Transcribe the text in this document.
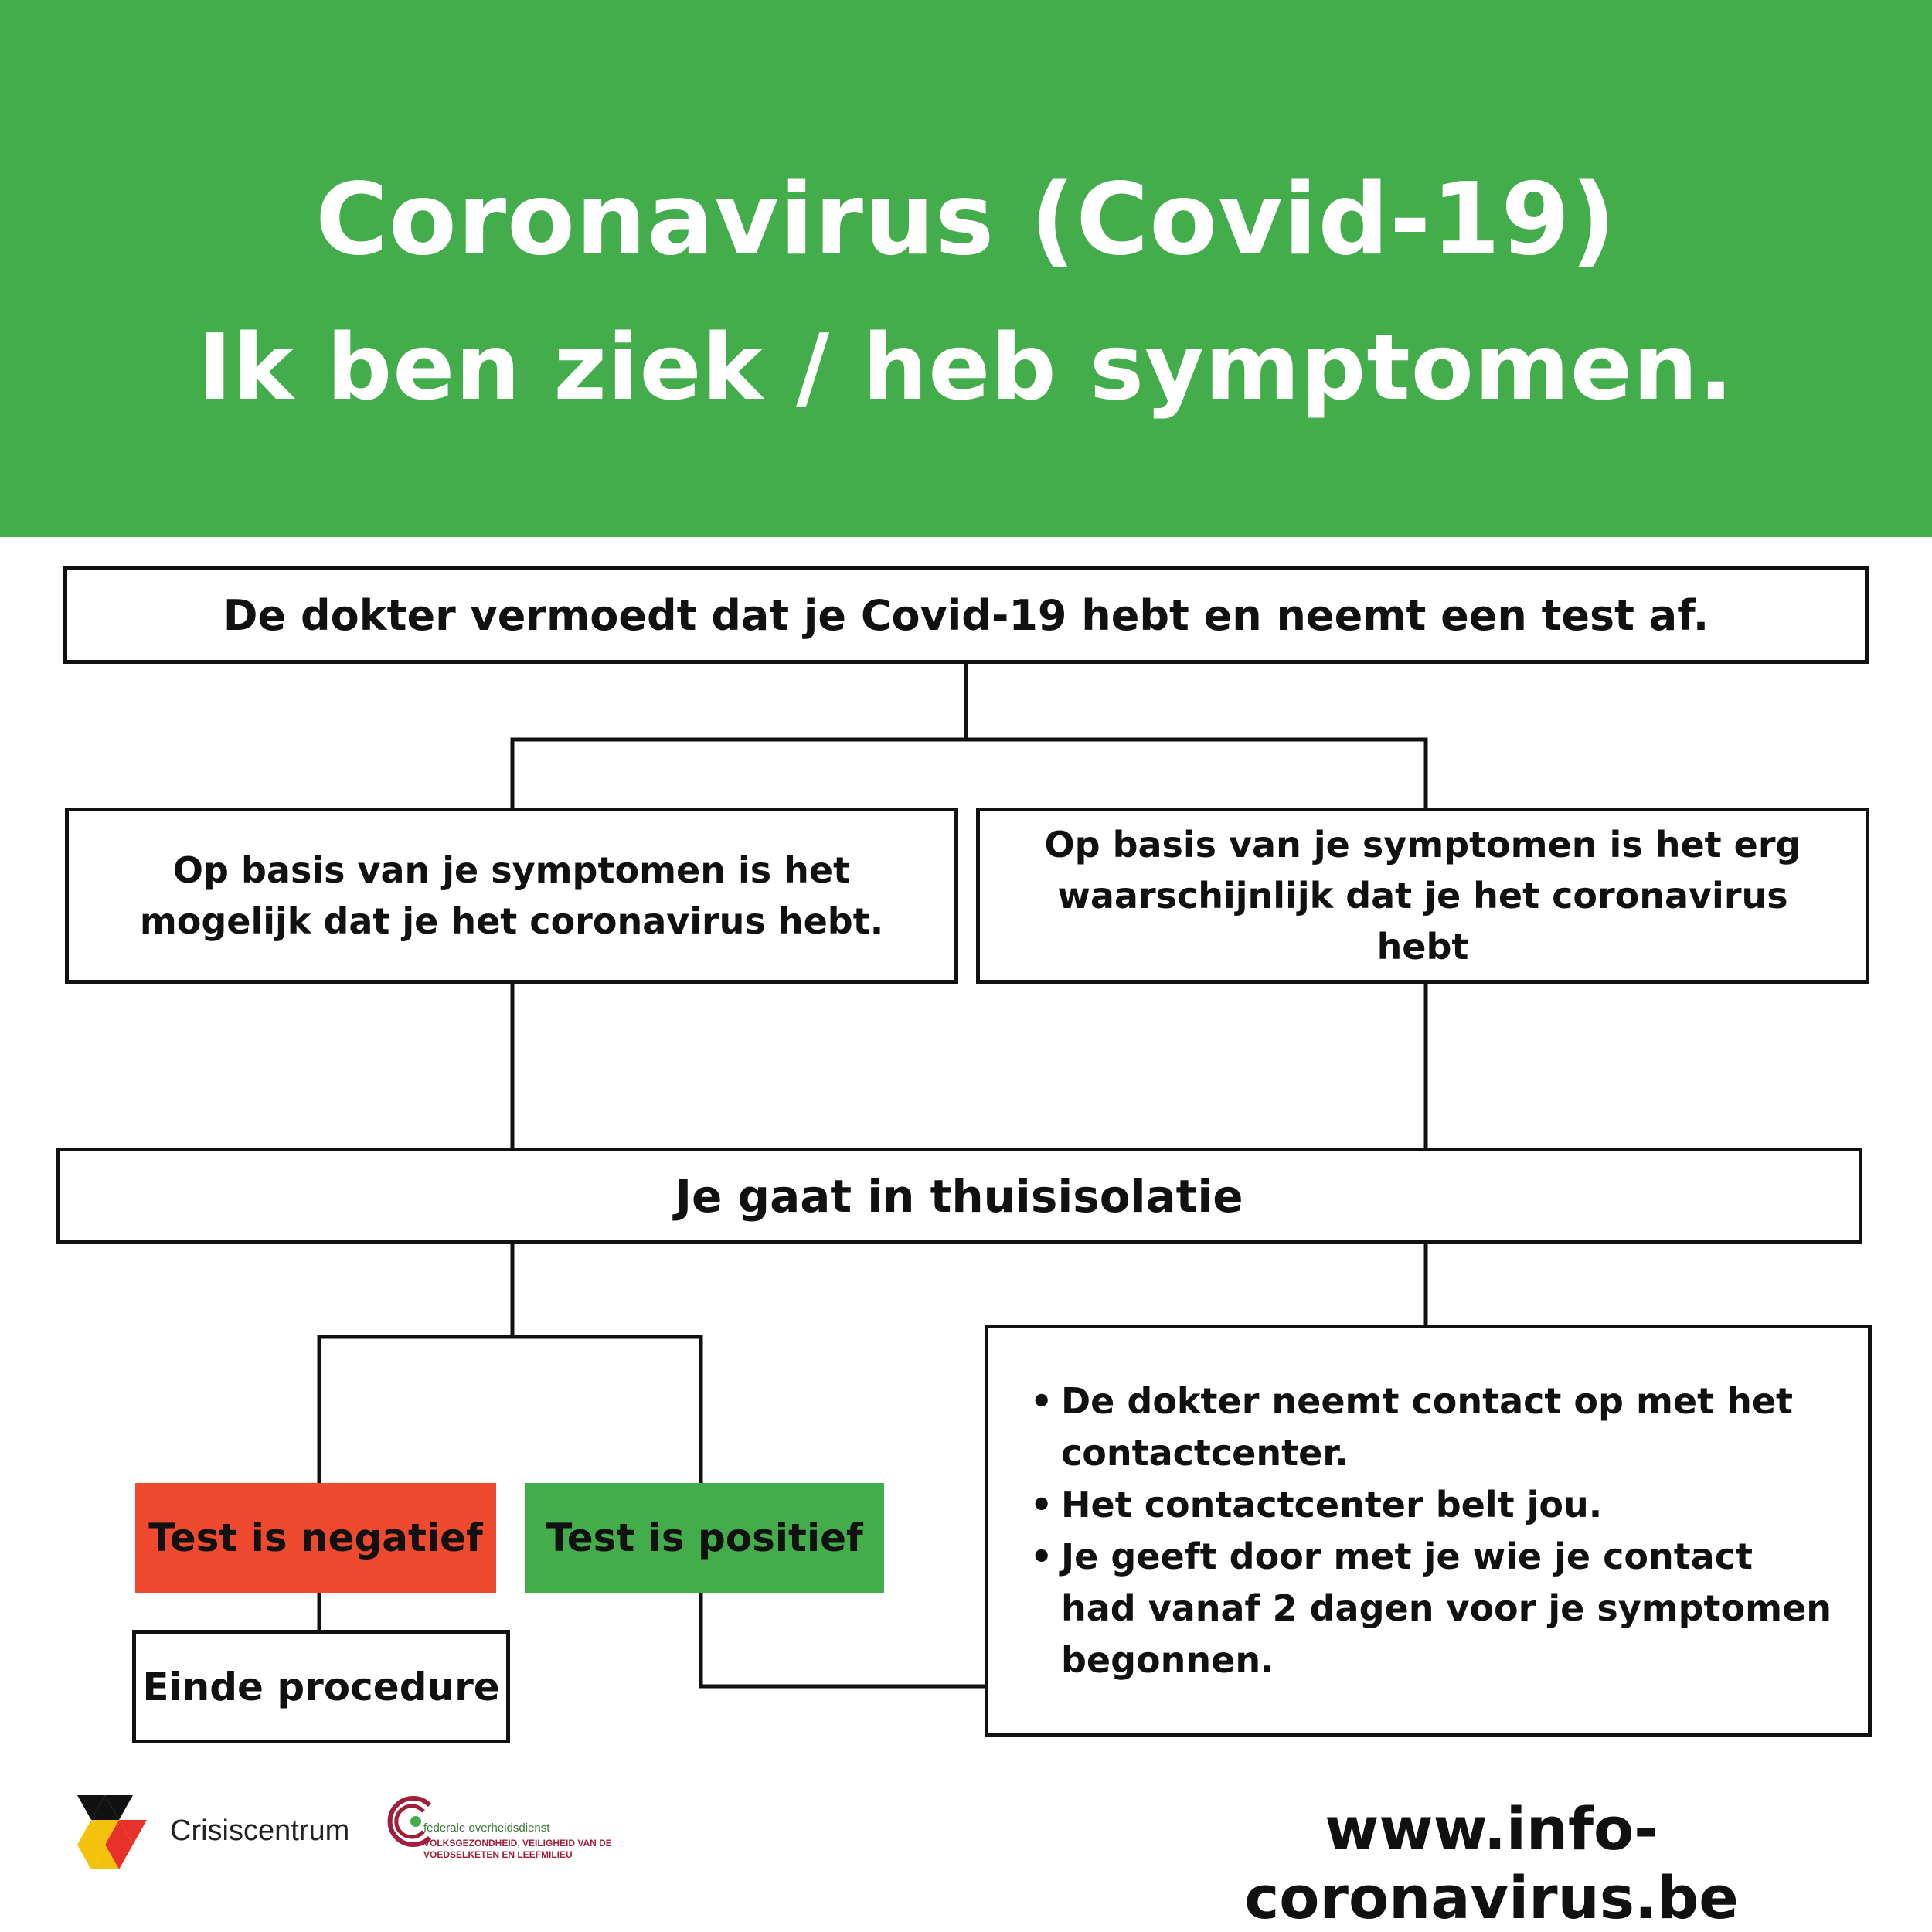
Coronavirus (Covid-19)
Ik ben ziek / heb symptomen.
De dokter vermoedt dat je Covid-19 hebt en neemt een test af.
Op basis van je symptomen is het mogelijk dat je het coronavirus hebt.
Op basis van je symptomen is het erg waarschijnlijk dat je het coronavirus hebt
Je gaat in thuisisolatie
Test is negatief	Test is positief
Einde procedure
• De dokter neemt contact op met het contactcenter.
• Het contactcenter belt jou.
• Je geeft door met je wie je contact had vanaf 2 dagen voor je symptomen begonnen.
Crisiscentrum	federale overheidsdienst
VOLKSGEZONDHEID, VEILIGHEID VAN DE VOEDSELKETEN EN LEEFMILIEU	www.info-coronavirus.be
